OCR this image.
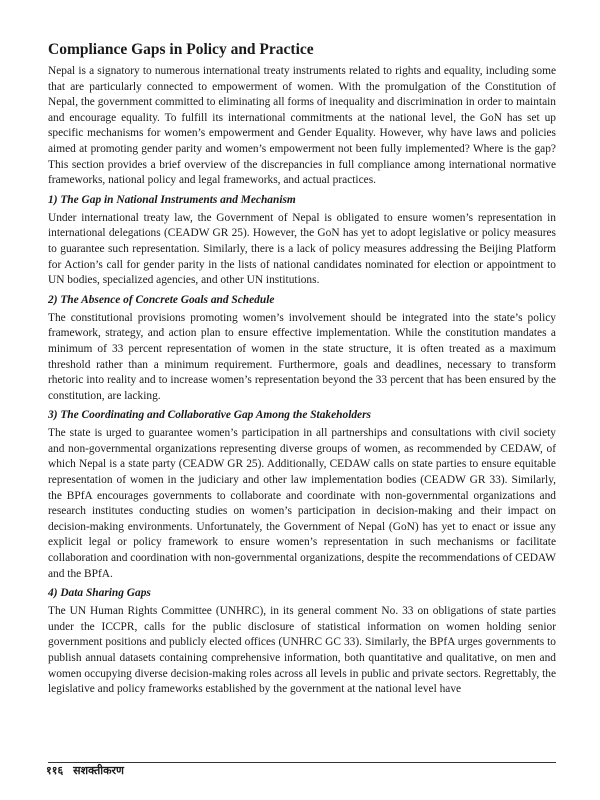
Compliance Gaps in Policy and Practice

Nepal is a signatory to numerous international treaty instruments related to rights and equality, including some that are particularly connected to empowerment of women. With the promulgation of the Constitution of Nepal, the government committed to eliminating all forms of inequality and discrimination in order to maintain and encourage equality. To fulfill its international commitments at the national level, the GoN has set up specific mechanisms for women’s empowerment and Gender Equality. However, why have laws and policies aimed at promoting gender parity and women’s empowerment not been fully implemented? Where is the gap? This section provides a brief overview of the discrepancies in full compliance among international normative frameworks, national policy and legal frameworks, and actual practices.

1) The Gap in National Instruments and Mechanism

Under international treaty law, the Government of Nepal is obligated to ensure women’s representation in international delegations (CEADW GR 25). However, the GoN has yet to adopt legislative or policy measures to guarantee such representation. Similarly, there is a lack of policy measures addressing the Beijing Platform for Action’s call for gender parity in the lists of national candidates nominated for election or appointment to UN bodies, specialized agencies, and other UN institutions.

2) The Absence of Concrete Goals and Schedule

The constitutional provisions promoting women’s involvement should be integrated into the state’s policy framework, strategy, and action plan to ensure effective implementation. While the constitution mandates a minimum of 33 percent representation of women in the state structure, it is often treated as a maximum threshold rather than a minimum requirement. Furthermore, goals and deadlines, necessary to transform rhetoric into reality and to increase women’s representation beyond the 33 percent that has been ensured by the constitution, are lacking.

3) The Coordinating and Collaborative Gap Among the Stakeholders

The state is urged to guarantee women’s participation in all partnerships and consultations with civil society and non-governmental organizations representing diverse groups of women, as recommended by CEDAW, of which Nepal is a state party (CEADW GR 25). Additionally, CEDAW calls on state parties to ensure equitable representation of women in the judiciary and other law implementation bodies (CEADW GR 33). Similarly, the BPfA encourages governments to collaborate and coordinate with non-governmental organizations and research institutes conducting studies on women’s participation in decision-making and their impact on decision-making environments. Unfortunately, the Government of Nepal (GoN) has yet to enact or issue any explicit legal or policy framework to ensure women’s representation in such mechanisms or facilitate collaboration and coordination with non-governmental organizations, despite the recommendations of CEDAW and the BPfA.

4) Data Sharing Gaps

The UN Human Rights Committee (UNHRC), in its general comment No. 33 on obligations of state parties under the ICCPR, calls for the public disclosure of statistical information on women holding senior government positions and publicly elected offices (UNHRC GC 33). Similarly, the BPfA urges governments to publish annual datasets containing comprehensive information, both quantitative and qualitative, on men and women occupying diverse decision-making roles across all levels in public and private sectors. Regrettably, the legislative and policy frameworks established by the government at the national level have

११६ सशक्तीकरण
